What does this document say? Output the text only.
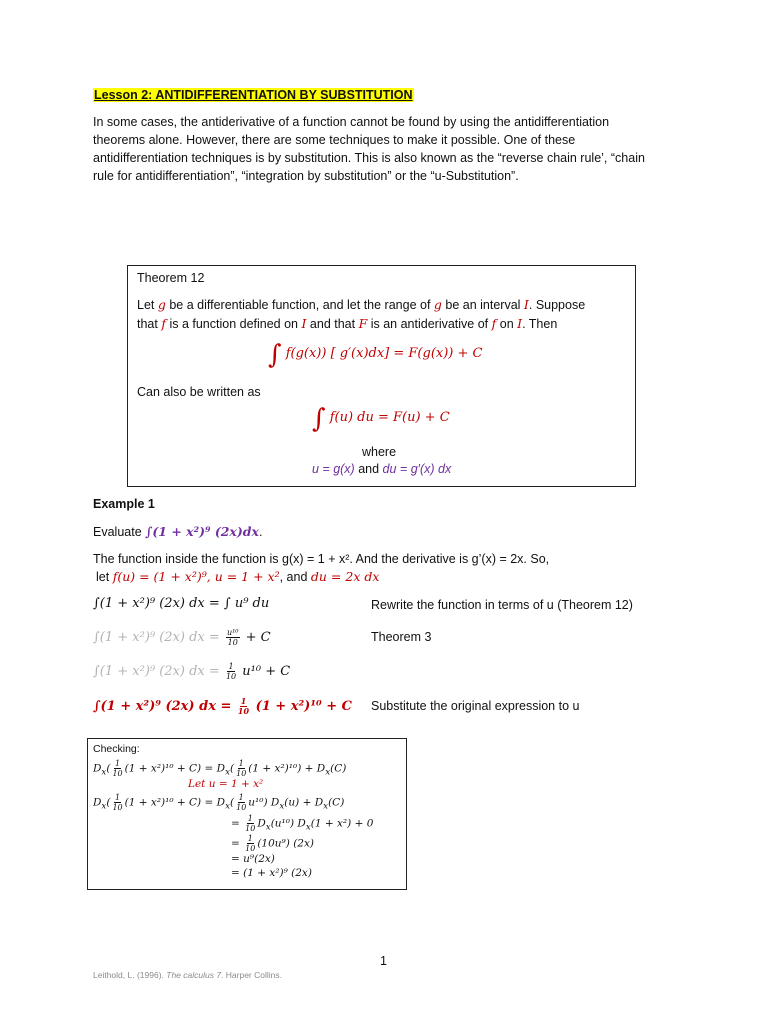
Lesson 2: ANTIDIFFERENTIATION BY SUBSTITUTION
In some cases, the antiderivative of a function cannot be found by using the antidifferentiation
theorems alone. However, there are some techniques to make it possible. One of these
antidifferentiation techniques is by substitution. This is also known as the “reverse chain rule’, “chain
rule for antidifferentiation”, “integration by substitution” or the “u-Substitution”.
Theorem 12
Let g be a differentiable function, and let the range of g be an interval I. Suppose
that f is a function defined on I and that F is an antiderivative of f on I. Then
∫ f(g(x)) [ g′(x)dx] = F(g(x)) + C
Can also be written as
∫ f(u) du = F(u) + C
where
u = g(x) and du = g′(x) dx
Example 1
Evaluate ∫(1 + x²)⁹ (2x)dx.
The function inside the function is g(x) = 1 + x². And the derivative is g’(x) = 2x. So,
let f(u) = (1 + x²)⁹, u = 1 + x², and du = 2x dx
∫(1 + x²)⁹ (2x) dx = ∫ u⁹ du	Rewrite the function in terms of u (Theorem 12)
∫(1 + x²)⁹ (2x) dx = $\frac{\text{u¹⁰}}{10} + C$	Theorem 3
∫(1 + x²)⁹ (2x) dx = $\frac{1}{10} u^{10} + C$
∫(1 + x²)⁹ (2x) dx = $\frac{1}{10} (1 + x^2)^{10} + C$ Substitute the original expression to u
Checking:
$D_x( \frac{1}{10} (1 + x^2)^{10} + C) = D_x( \frac{1}{10} (1 + x^2)^{10}) + D_x(C)$
Let u = 1 + x²
$D_x( \frac{1}{10} (1 + x^2)^{10} + C) = D_x( \frac{1}{10} u^{10}) D_x(u) + D_x(C)$
= $\frac{1}{10} D_x(u^{10}) D_x(1 + x^2) + 0$
= $\frac{1}{10} (10u^9)$ (2x)
= u⁹(2x)
= (1 + x²)⁹ (2x)
1
Leithold, L. (1996). The calculus 7. Harper Collins.
